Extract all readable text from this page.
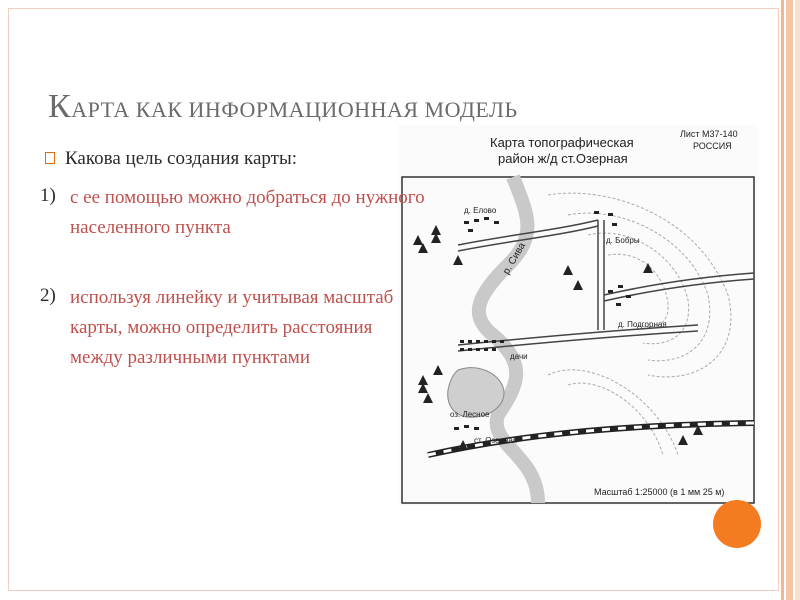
КАРТА КАК ИНФОРМАЦИОННАЯ МОДЕЛЬ
Карта топографическая
район ж/д ст.Озерная
Лист М37-140
РОССИЯ
д. Елово
д. Бобры
д. Подгорная
дачи
оз. Лесное
ст. Озерная
р. Сива
Масштаб 1:25000 (в 1 мм 25 м)
Какова цель создания карты:
1) с ее помощью можно добраться до нужного населенного пункта
2) используя линейку и учитывая масштаб карты, можно определить расстояния между различными пунктами
